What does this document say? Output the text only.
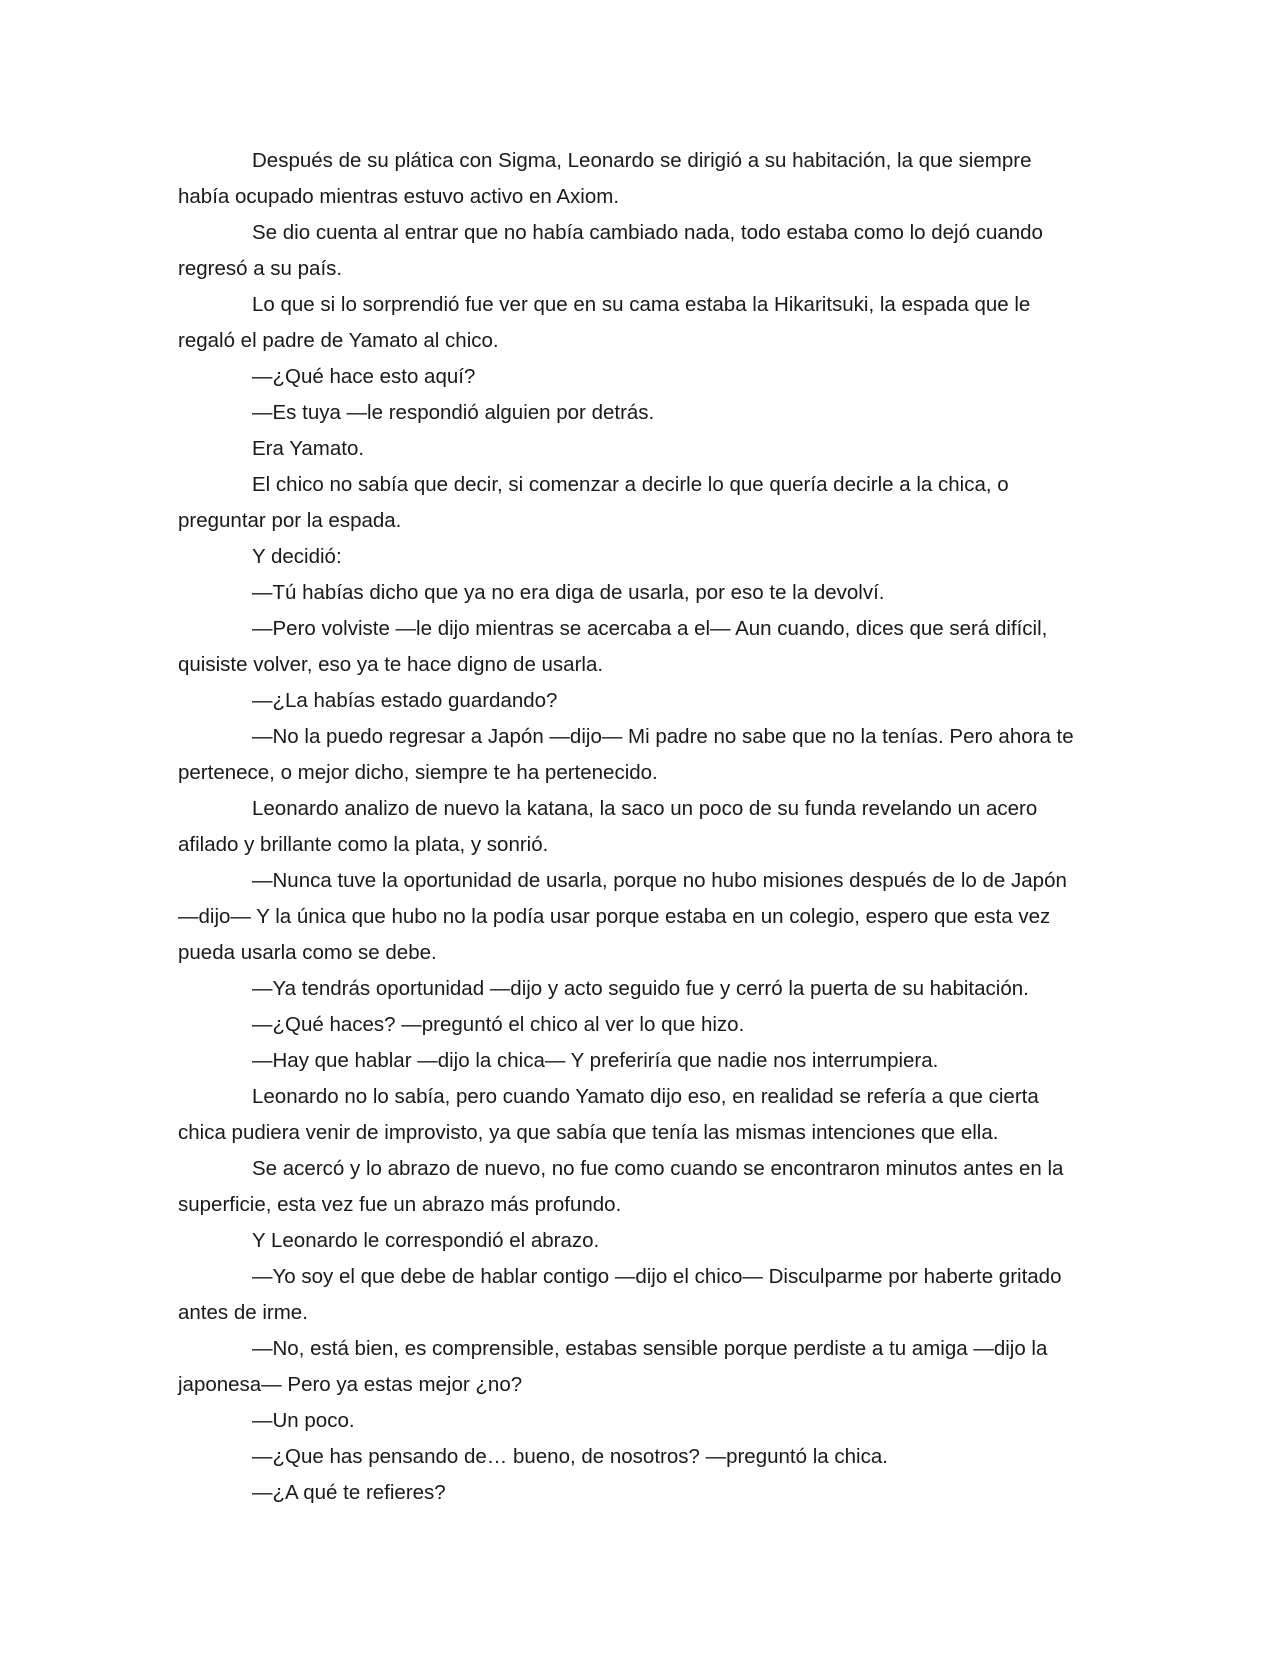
Después de su plática con Sigma, Leonardo se dirigió a su habitación, la que siempre había ocupado mientras estuvo activo en Axiom.

Se dio cuenta al entrar que no había cambiado nada, todo estaba como lo dejó cuando regresó a su país.

Lo que si lo sorprendió fue ver que en su cama estaba la Hikaritsuki, la espada que le regaló el padre de Yamato al chico.

—¿Qué hace esto aquí?

—Es tuya —le respondió alguien por detrás.

Era Yamato.

El chico no sabía que decir, si comenzar a decirle lo que quería decirle a la chica, o preguntar por la espada.

Y decidió:

—Tú habías dicho que ya no era diga de usarla, por eso te la devolví.

—Pero volviste —le dijo mientras se acercaba a el— Aun cuando, dices que será difícil, quisiste volver, eso ya te hace digno de usarla.

—¿La habías estado guardando?

—No la puedo regresar a Japón —dijo— Mi padre no sabe que no la tenías. Pero ahora te pertenece, o mejor dicho, siempre te ha pertenecido.

Leonardo analizo de nuevo la katana, la saco un poco de su funda revelando un acero afilado y brillante como la plata, y sonrió.

—Nunca tuve la oportunidad de usarla, porque no hubo misiones después de lo de Japón —dijo— Y la única que hubo no la podía usar porque estaba en un colegio, espero que esta vez pueda usarla como se debe.

—Ya tendrás oportunidad —dijo y acto seguido fue y cerró la puerta de su habitación.

—¿Qué haces? —preguntó el chico al ver lo que hizo.

—Hay que hablar —dijo la chica— Y preferiría que nadie nos interrumpiera.

Leonardo no lo sabía, pero cuando Yamato dijo eso, en realidad se refería a que cierta chica pudiera venir de improvisto, ya que sabía que tenía las mismas intenciones que ella.

Se acercó y lo abrazo de nuevo, no fue como cuando se encontraron minutos antes en la superficie, esta vez fue un abrazo más profundo.

Y Leonardo le correspondió el abrazo.

—Yo soy el que debe de hablar contigo —dijo el chico— Disculparme por haberte gritado antes de irme.

—No, está bien, es comprensible, estabas sensible porque perdiste a tu amiga —dijo la japonesa— Pero ya estas mejor ¿no?

—Un poco.

—¿Que has pensando de… bueno, de nosotros? —preguntó la chica.

—¿A qué te refieres?
